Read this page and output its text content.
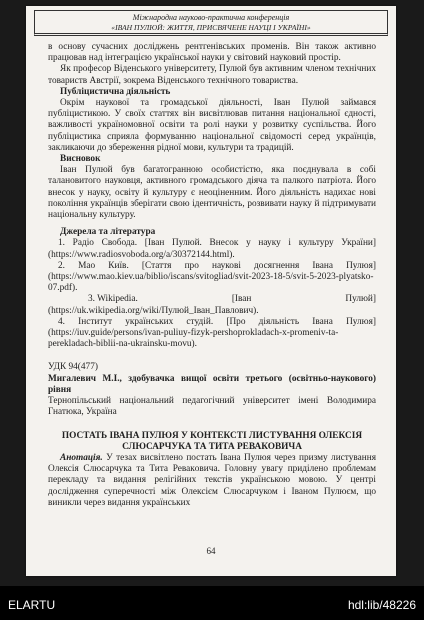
Міжнародна науково-практична конференція
«ІВАН ПУЛЮЙ: ЖИТТЯ, ПРИСВЯЧЕНЕ НАУЦІ І УКРАЇНІ»

в основу сучасних досліджень рентгенівських променів. Він також активно працював над інтеграцією української науки у світовий науковий простір.

Як професор Віденського університету, Пулюй був активним членом технічних товариств Австрії, зокрема Віденського технічного товариства.

Публіцистична діяльність

Окрім наукової та громадської діяльності, Іван Пулюй займався публіцистикою. У своїх статтях він висвітлював питання національної єдності, важливості україномовної освіти та ролі науки у розвитку суспільства. Його публіцистика сприяла формуванню національної свідомості серед українців, закликаючи до збереження рідної мови, культури та традицій.

Висновок

Іван Пулюй був багатогранною особистістю, яка поєднувала в собі талановитого науковця, активного громадського діяча та палкого патріота. Його внесок у науку, освіту й культуру є неоціненним. Його діяльність надихає нові покоління українців зберігати свою ідентичність, розвивати науку й підтримувати національну культуру.

Джерела та література

1. Радіо Свобода. [Іван Пулюй. Внесок у науку і культуру України] (https://www.radiosvoboda.org/a/30372144.html).

2. Мао Київ. [Стаття про наукові досягнення Івана Пулюя] (https://www.mao.kiev.ua/biblio/iscans/svitogliad/svit-2023-18-5/svit-5-2023-plyatsko-07.pdf).

3. Wikipedia.	[Іван	Пулюй]

(https://uk.wikipedia.org/wiki/Пулюй_Іван_Павлович).

4. Інститут українських студій. [Про діяльність Івана Пулюя] (https://iuv.guide/persons/ivan-puliuy-fizyk-pershoprokladach-x-promeniv-ta-perekladach-biblii-na-ukrainsku-movu).

УДК 94(477)

Мигалевич М.І., здобувачка вищої освіти третього (освітньо-наукового) рівня

Тернопільський національний педагогічний університет імені Володимира Гнатюка, Україна

ПОСТАТЬ ІВАНА ПУЛЮЯ У КОНТЕКСТІ ЛИСТУВАННЯ ОЛЕКСІЯ СЛЮСАРЧУКА ТА ТИТА РЕВАКОВИЧА

Анотація. У тезах висвітлено постать Івана Пулюя через призму листування Олексія Слюсарчука та Тита Ревакoвича. Головну увагу приділено проблемам перекладу та видання релігійних текстів українською мовою. У центрі дослідження суперечності між Олексієм Слюсарчуком і Іваном Пулюєм, що виникли через видання українських

64
ELARTU	hdl:lib/48226
